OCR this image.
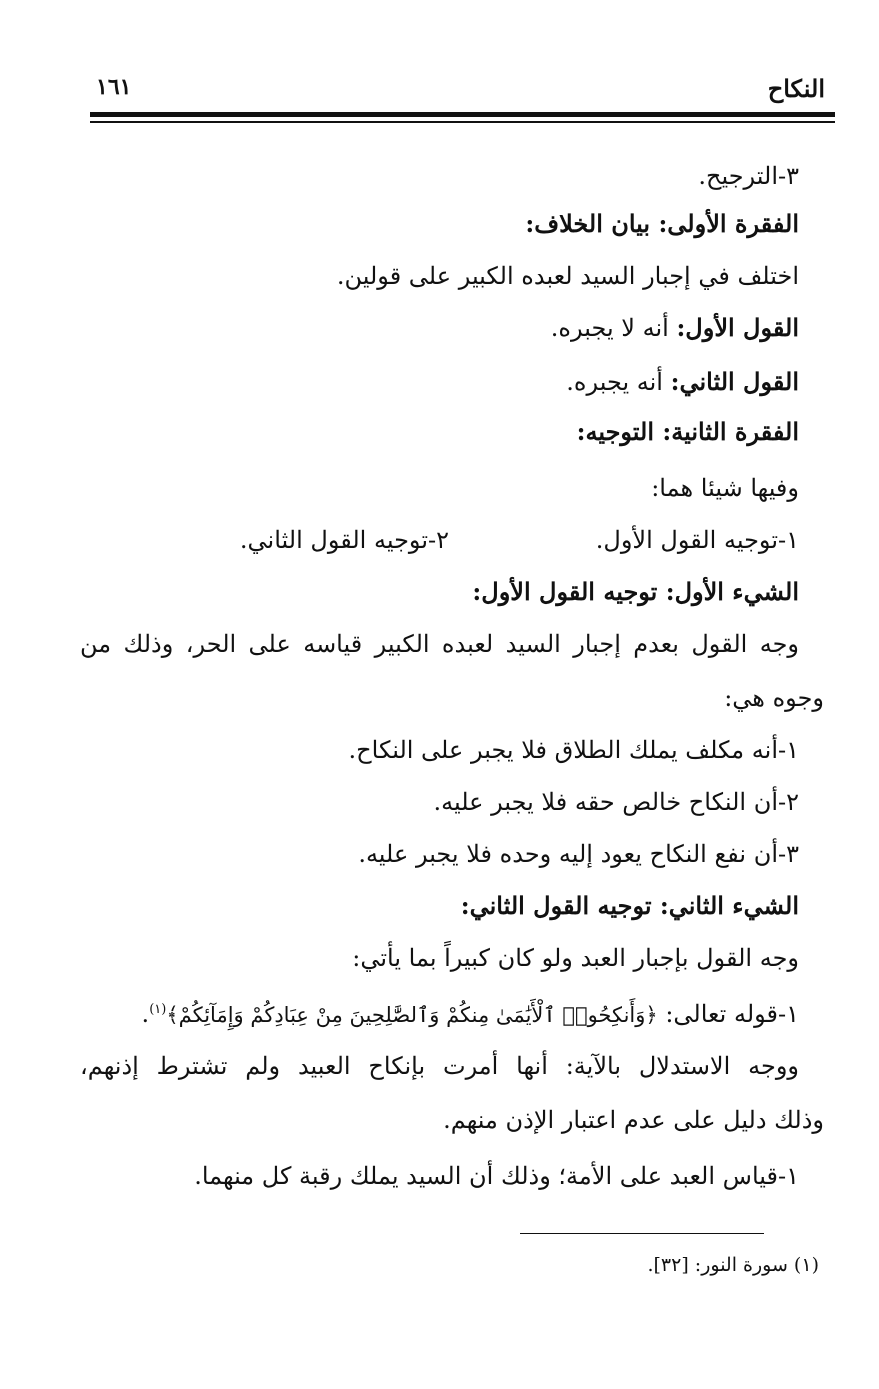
النكاح
١٦١
٣-الترجيح.
الفقرة الأولى: بيان الخلاف:
اختلف في إجبار السيد لعبده الكبير على قولين.
القول الأول: أنه لا يجبره.
القول الثاني: أنه يجبره.
الفقرة الثانية: التوجيه:
وفيها شيئا هما:
١-توجيه القول الأول.
٢-توجيه القول الثاني.
الشيء الأول: توجيه القول الأول:
وجه القول بعدم إجبار السيد لعبده الكبير قياسه على الحر، وذلك من
وجوه هي:
١-أنه مكلف يملك الطلاق فلا يجبر على النكاح.
٢-أن النكاح خالص حقه فلا يجبر عليه.
٣-أن نفع النكاح يعود إليه وحده فلا يجبر عليه.
الشيء الثاني: توجيه القول الثاني:
وجه القول بإجبار العبد ولو كان كبيراً بما يأتي:
١-قوله تعالى: ﴿وَأَنكِحُوا۟ ٱلْأَيَٰمَىٰ مِنكُمْ وَٱلصَّٰلِحِينَ مِنْ عِبَادِكُمْ وَإِمَآئِكُمْ﴾$^{(١)}$.
ووجه الاستدلال بالآية: أنها أمرت بإنكاح العبيد ولم تشترط إذنهم،
وذلك دليل على عدم اعتبار الإذن منهم.
١-قياس العبد على الأمة؛ وذلك أن السيد يملك رقبة كل منهما.
(١) سورة النور: [٣٢].
